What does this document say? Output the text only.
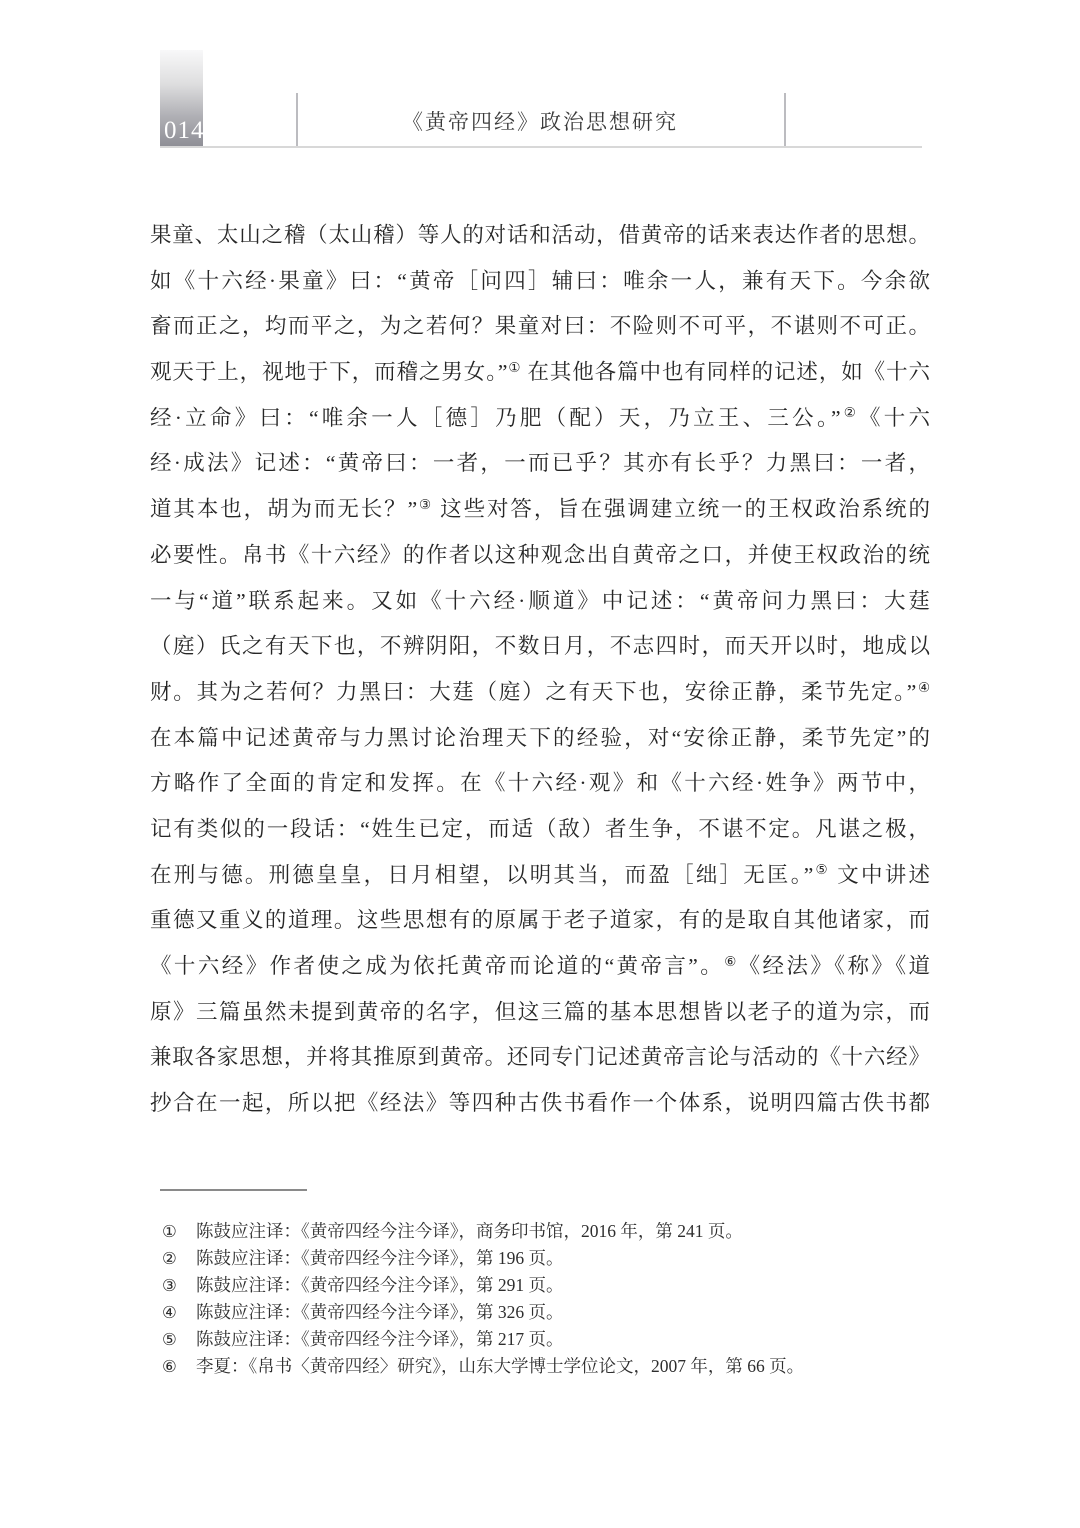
014	《黄帝四经》政治思想研究
果童、太山之稽（太山稽）等人的对话和活动，借黄帝的话来表达作者的思想。
如《十六经·果童》曰：“黄帝［问四］辅曰：唯余一人，兼有天下。今余欲
畜而正之，均而平之，为之若何？果童对曰：不险则不可平，不谌则不可正。
观天于上，视地于下，而稽之男女。”① 在其他各篇中也有同样的记述，如《十六
经·立命》曰：“唯余一人［德］乃肥（配）天，乃立王、三公。”②《十六
经·成法》记述：“黄帝曰：一者，一而已乎？其亦有长乎？力黑曰：一者，
道其本也，胡为而无长？”③ 这些对答，旨在强调建立统一的王权政治系统的
必要性。帛书《十六经》的作者以这种观念出自黄帝之口，并使王权政治的统
一与“道”联系起来。又如《十六经·顺道》中记述：“黄帝问力黑曰：大莛
（庭）氏之有天下也，不辨阴阳，不数日月，不志四时，而天开以时，地成以
财。其为之若何？力黑曰：大莛（庭）之有天下也，安徐正静，柔节先定。”④
在本篇中记述黄帝与力黑讨论治理天下的经验，对“安徐正静，柔节先定”的
方略作了全面的肯定和发挥。在《十六经·观》和《十六经·姓争》两节中，
记有类似的一段话：“姓生已定，而适（敌）者生争，不谌不定。凡谌之极，
在刑与德。刑德皇皇，日月相望，以明其当，而盈［绌］无匡。”⑤ 文中讲述
重德又重义的道理。这些思想有的原属于老子道家，有的是取自其他诸家，而
《十六经》作者使之成为依托黄帝而论道的“黄帝言”。⑥《经法》《称》《道
原》三篇虽然未提到黄帝的名字，但这三篇的基本思想皆以老子的道为宗，而
兼取各家思想，并将其推原到黄帝。还同专门记述黄帝言论与活动的《十六经》
抄合在一起，所以把《经法》等四种古佚书看作一个体系，说明四篇古佚书都
①	陈鼓应注译：《黄帝四经今注今译》，商务印书馆，2016 年，第 241 页。
②	陈鼓应注译：《黄帝四经今注今译》，第 196 页。
③	陈鼓应注译：《黄帝四经今注今译》，第 291 页。
④	陈鼓应注译：《黄帝四经今注今译》，第 326 页。
⑤	陈鼓应注译：《黄帝四经今注今译》，第 217 页。
⑥	李夏：《帛书〈黄帝四经〉研究》，山东大学博士学位论文，2007 年，第 66 页。
